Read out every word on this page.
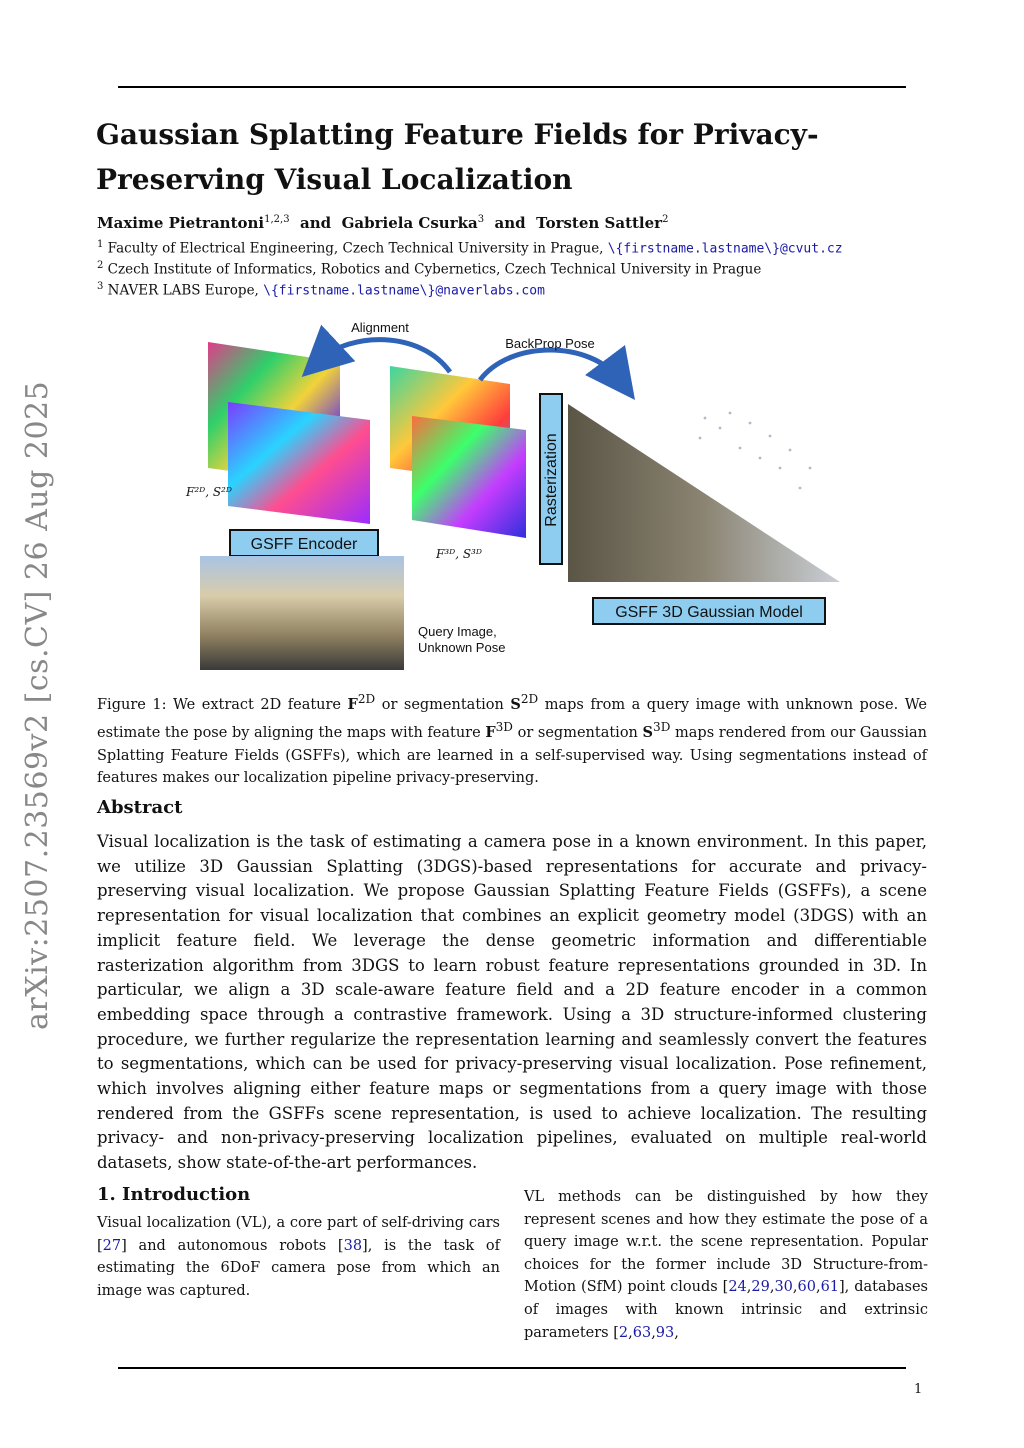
Gaussian Splatting Feature Fields for Privacy-Preserving Visual Localization
Maxime Pietrantoni$^{1,2,3}$ and Gabriela Csurka$^3$ and Torsten Sattler$^2$
$^1$ Faculty of Electrical Engineering, Czech Technical University in Prague, \{firstname.lastname\}@cvut.cz
$^2$ Czech Institute of Informatics, Robotics and Cybernetics, Czech Technical University in Prague
$^3$ NAVER LABS Europe, \{firstname.lastname\}@naverlabs.com
arXiv:2507.23569v2 [cs.CV] 26 Aug 2025	F²ᴰ, S²ᴰ
F³ᴰ, S³ᴰ
Alignment
BackProp Pose
Rasterization
GSFF Encoder
Query Image,
Unknown Pose
GSFF 3D Gaussian Model
Figure 1: We extract 2D feature $F^{2D}$ or segmentation $S^{2D}$ maps from a query image with unknown pose. We estimate the pose by aligning the maps with feature $F^{3D}$ or segmentation $S^{3D}$ maps rendered from our Gaussian Splatting Feature Fields (GSFFs), which are learned in a self-supervised way. Using segmentations instead of features makes our localization pipeline privacy-preserving.
Abstract
Visual localization is the task of estimating a camera pose in a known environment. In this paper, we utilize 3D Gaussian Splatting (3DGS)-based representations for accurate and privacy-preserving visual localization. We propose Gaussian Splatting Feature Fields (GSFFs), a scene representation for visual localization that combines an explicit geometry model (3DGS) with an implicit feature field. We leverage the dense geometric information and differentiable rasterization algorithm from 3DGS to learn robust feature representations grounded in 3D. In particular, we align a 3D scale-aware feature field and a 2D feature encoder in a common embedding space through a contrastive framework. Using a 3D structure-informed clustering procedure, we further regularize the representation learning and seamlessly convert the features to segmentations, which can be used for privacy-preserving visual localization. Pose refinement, which involves aligning either feature maps or segmentations from a query image with those rendered from the GSFFs scene representation, is used to achieve localization. The resulting privacy- and non-privacy-preserving localization pipelines, evaluated on multiple real-world datasets, show state-of-the-art performances.
1. Introduction
Visual localization (VL), a core part of self-driving cars [27] and autonomous robots [38], is the task of estimating the 6DoF camera pose from which an image was captured.
VL methods can be distinguished by how they represent scenes and how they estimate the pose of a query image w.r.t. the scene representation. Popular choices for the former include 3D Structure-from-Motion (SfM) point clouds [24,29,30,60,61], databases of images with known intrinsic and extrinsic parameters [2,63,93,
1
